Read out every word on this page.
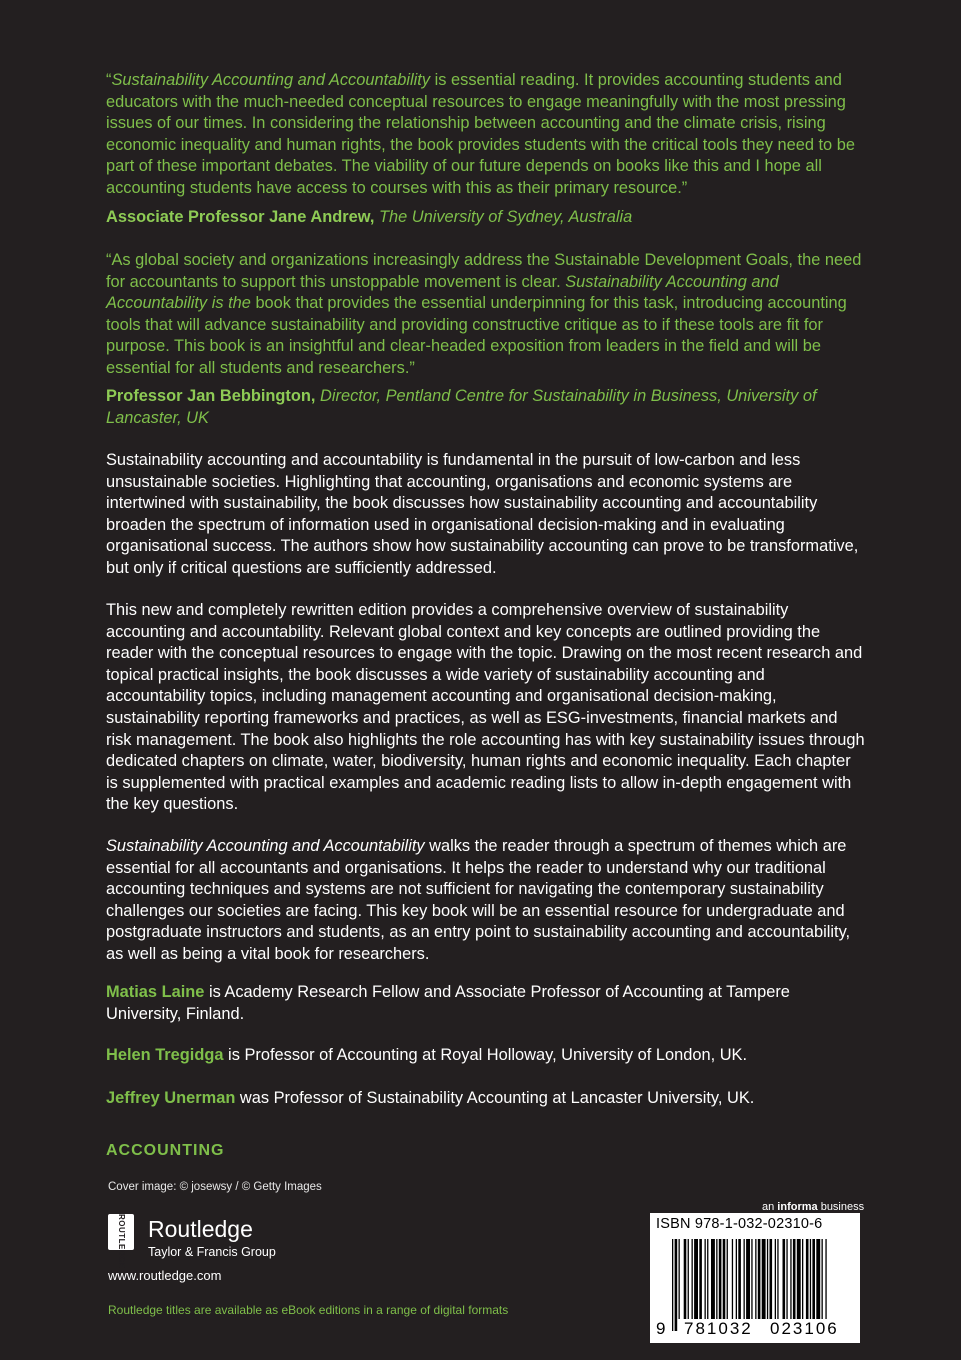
“Sustainability Accounting and Accountability is essential reading. It provides accounting students and educators with the much-needed conceptual resources to engage meaningfully with the most pressing issues of our times. In considering the relationship between accounting and the climate crisis, rising economic inequality and human rights, the book provides students with the critical tools they need to be part of these important debates. The viability of our future depends on books like this and I hope all accounting students have access to courses with this as their primary resource.”

Associate Professor Jane Andrew, The University of Sydney, Australia

“As global society and organizations increasingly address the Sustainable Development Goals, the need for accountants to support this unstoppable movement is clear. Sustainability Accounting and Accountability is the book that provides the essential underpinning for this task, introducing accounting tools that will advance sustainability and providing constructive critique as to if these tools are fit for purpose. This book is an insightful and clear-headed exposition from leaders in the field and will be essential for all students and researchers.”

Professor Jan Bebbington, Director, Pentland Centre for Sustainability in Business, University of Lancaster, UK

Sustainability accounting and accountability is fundamental in the pursuit of low-carbon and less unsustainable societies. Highlighting that accounting, organisations and economic systems are intertwined with sustainability, the book discusses how sustainability accounting and accountability broaden the spectrum of information used in organisational decision-making and in evaluating organisational success. The authors show how sustainability accounting can prove to be transformative, but only if critical questions are sufficiently addressed.

This new and completely rewritten edition provides a comprehensive overview of sustainability accounting and accountability. Relevant global context and key concepts are outlined providing the reader with the conceptual resources to engage with the topic. Drawing on the most recent research and topical practical insights, the book discusses a wide variety of sustainability accounting and accountability topics, including management accounting and organisational decision-making, sustainability reporting frameworks and practices, as well as ESG-investments, financial markets and risk management. The book also highlights the role accounting has with key sustainability issues through dedicated chapters on climate, water, biodiversity, human rights and economic inequality. Each chapter is supplemented with practical examples and academic reading lists to allow in-depth engagement with the key questions.

Sustainability Accounting and Accountability walks the reader through a spectrum of themes which are essential for all accountants and organisations. It helps the reader to understand why our traditional accounting techniques and systems are not sufficient for navigating the contemporary sustainability challenges our societies are facing. This key book will be an essential resource for undergraduate and postgraduate instructors and students, as an entry point to sustainability accounting and accountability, as well as being a vital book for researchers.

Matias Laine is Academy Research Fellow and Associate Professor of Accounting at Tampere University, Finland.

Helen Tregidga is Professor of Accounting at Royal Holloway, University of London, UK.

Jeffrey Unerman was Professor of Sustainability Accounting at Lancaster University, UK.

ACCOUNTING
Cover image: © josewsy / © Getty Images
ROUTLEDGE Routledge
Taylor & Francis Group
www.routledge.com
Routledge titles are available as eBook editions in a range of digital formats
an informa business
ISBN 978-1-032-02310-6
9 781032 023106
